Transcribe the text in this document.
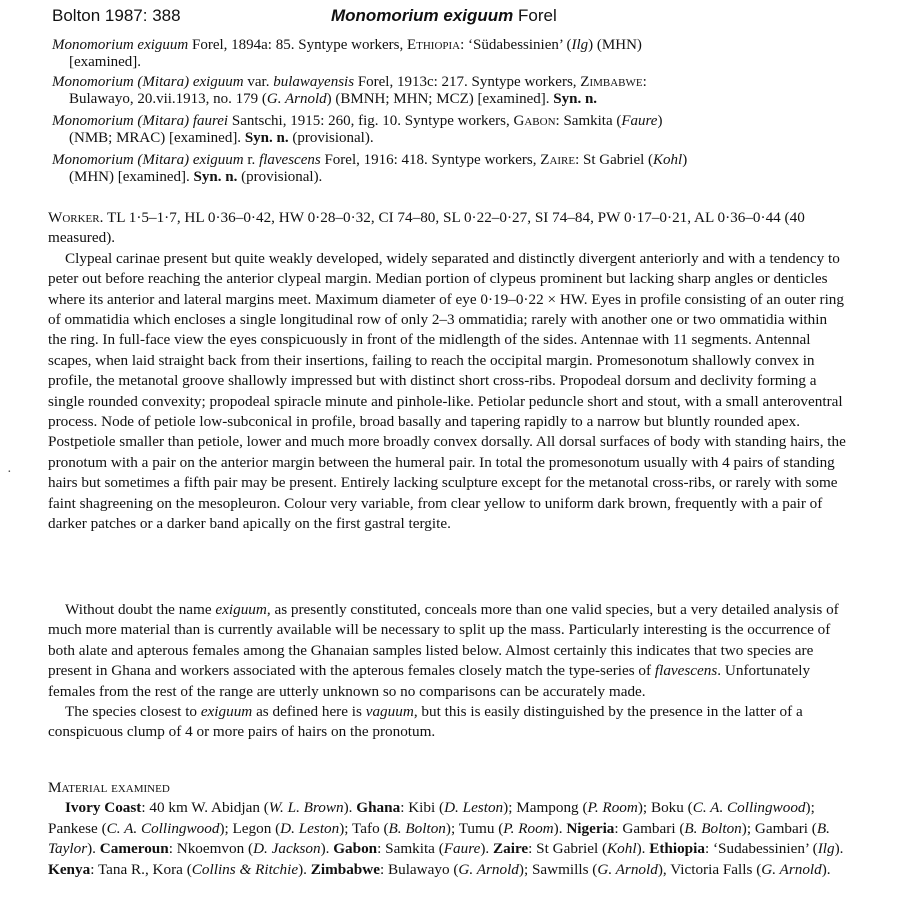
Bolton 1987: 388	Monomorium exiguum Forel
Monomorium exiguum Forel, 1894a: 85. Syntype workers, Ethiopia: ‘Südabessinien’ (Ilg) (MHN)
[examined].
Monomorium (Mitara) exiguum var. bulawayensis Forel, 1913c: 217. Syntype workers, Zimbabwe:
Bulawayo, 20.vii.1913, no. 179 (G. Arnold) (BMNH; MHN; MCZ) [examined]. Syn. n.
Monomorium (Mitara) faurei Santschi, 1915: 260, fig. 10. Syntype workers, Gabon: Samkita (Faure)
(NMB; MRAC) [examined]. Syn. n. (provisional).
Monomorium (Mitara) exiguum r. flavescens Forel, 1916: 418. Syntype workers, Zaire: St Gabriel (Kohl)
(MHN) [examined]. Syn. n. (provisional).

Worker. TL 1·5–1·7, HL 0·36–0·42, HW 0·28–0·32, CI 74–80, SL 0·22–0·27, SI 74–84, PW 0·17–0·21, AL 0·36–0·44 (40 measured).

Clypeal carinae present but quite weakly developed, widely separated and distinctly divergent anteriorly and with a tendency to peter out before reaching the anterior clypeal margin. Median portion of clypeus prominent but lacking sharp angles or denticles where its anterior and lateral margins meet. Maximum diameter of eye 0·19–0·22 × HW. Eyes in profile consisting of an outer ring of ommatidia which encloses a single longitudinal row of only 2–3 ommatidia; rarely with another one or two ommatidia within the ring. In full-face view the eyes conspicuously in front of the midlength of the sides. Antennae with 11 segments. Antennal scapes, when laid straight back from their insertions, failing to reach the occipital margin. Promesonotum shallowly convex in profile, the metanotal groove shallowly impressed but with distinct short cross-ribs. Propodeal dorsum and declivity forming a single rounded convexity; propodeal spiracle minute and pinhole-like. Petiolar peduncle short and stout, with a small anteroventral process. Node of petiole low-subconical in profile, broad basally and tapering rapidly to a narrow but bluntly rounded apex. Postpetiole smaller than petiole, lower and much more broadly convex dorsally. All dorsal surfaces of body with standing hairs, the pronotum with a pair on the anterior margin between the humeral pair. In total the promesonotum usually with 4 pairs of standing hairs but sometimes a fifth pair may be present. Entirely lacking sculpture except for the metanotal cross-ribs, or rarely with some faint shagreening on the mesopleuron. Colour very variable, from clear yellow to uniform dark brown, frequently with a pair of darker patches or a darker band apically on the first gastral tergite.

·

Without doubt the name exiguum, as presently constituted, conceals more than one valid species, but a very detailed analysis of much more material than is currently available will be necessary to split up the mass. Particularly interesting is the occurrence of both alate and apterous females among the Ghanaian samples listed below. Almost certainly this indicates that two species are present in Ghana and workers associated with the apterous females closely match the type-series of flavescens. Unfortunately females from the rest of the range are utterly unknown so no comparisons can be accurately made.

The species closest to exiguum as defined here is vaguum, but this is easily distinguished by the presence in the latter of a conspicuous clump of 4 or more pairs of hairs on the pronotum.

Material examined

Ivory Coast: 40 km W. Abidjan (W. L. Brown). Ghana: Kibi (D. Leston); Mampong (P. Room); Boku (C. A. Collingwood); Pankese (C. A. Collingwood); Legon (D. Leston); Tafo (B. Bolton); Tumu (P. Room). Nigeria: Gambari (B. Bolton); Gambari (B. Taylor). Cameroun: Nkoemvon (D. Jackson). Gabon: Samkita (Faure). Zaire: St Gabriel (Kohl). Ethiopia: ‘Sudabessinien’ (Ilg). Kenya: Tana R., Kora (Collins & Ritchie). Zimbabwe: Bulawayo (G. Arnold); Sawmills (G. Arnold), Victoria Falls (G. Arnold).
